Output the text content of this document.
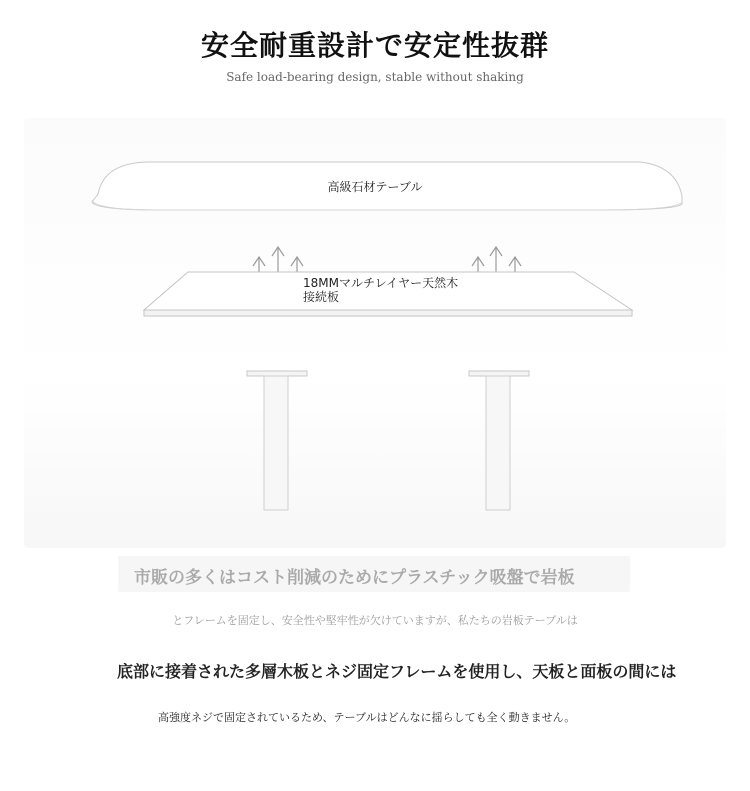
安全耐重設計で安定性抜群
Safe load-bearing design, stable without shaking
高級石材テーブル
18MMマルチレイヤー天然木
接続板
市販の多くはコスト削減のためにプラスチック吸盤で岩板
とフレームを固定し、安全性や堅牢性が欠けていますが、私たちの岩板テーブルは
底部に接着された多層木板とネジ固定フレームを使用し、天板と面板の間には
高強度ネジで固定されているため、テーブルはどんなに揺らしても全く動きません。
